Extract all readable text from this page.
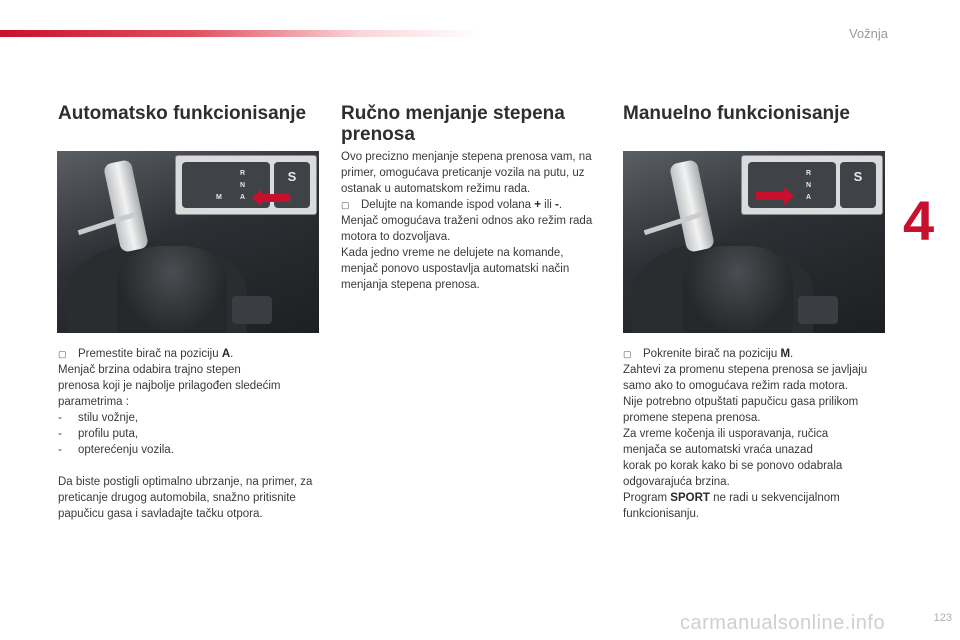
Vožnja
4
Automatsko funkcionisanje
R
N
A
M
S

▢ Premestite birač na poziciju A.

Menjač brzina odabira trajno stepen

prenosa koji je najbolje prilagođen sledećim

parametrima :

- stilu vožnje,

- profilu puta,

- opterećenju vozila.

Da biste postigli optimalno ubrzanje, na primer, za preticanje drugog automobila, snažno pritisnite papučicu gasa i savladajte tačku otpora.
Ručno menjanje stepena
prenosa

Ovo precizno menjanje stepena prenosa vam, na primer, omogućava preticanje vozila na putu, uz ostanak u automatskom režimu rada.

▢ Delujte na komande ispod volana + ili -.

Menjač omogućava traženi odnos ako režim rada motora to dozvoljava.

Kada jedno vreme ne delujete na komande, menjač ponovo uspostavlja automatski način menjanja stepena prenosa.

Manuelno funkcionisanje
R
N
A
S

▢ Pokrenite birač na poziciju M.

Zahtevi za promenu stepena prenosa se javljaju samo ako to omogućava režim rada motora.

Nije potrebno otpuštati papučicu gasa prilikom promene stepena prenosa.

Za vreme kočenja ili usporavanja, ručica

menjača se automatski vraća unazad

korak po korak kako bi se ponovo odabrala

odgovarajuća brzina.

Program SPORT ne radi u sekvencijalnom funkcionisanju.

carmanualsonline.info	123
